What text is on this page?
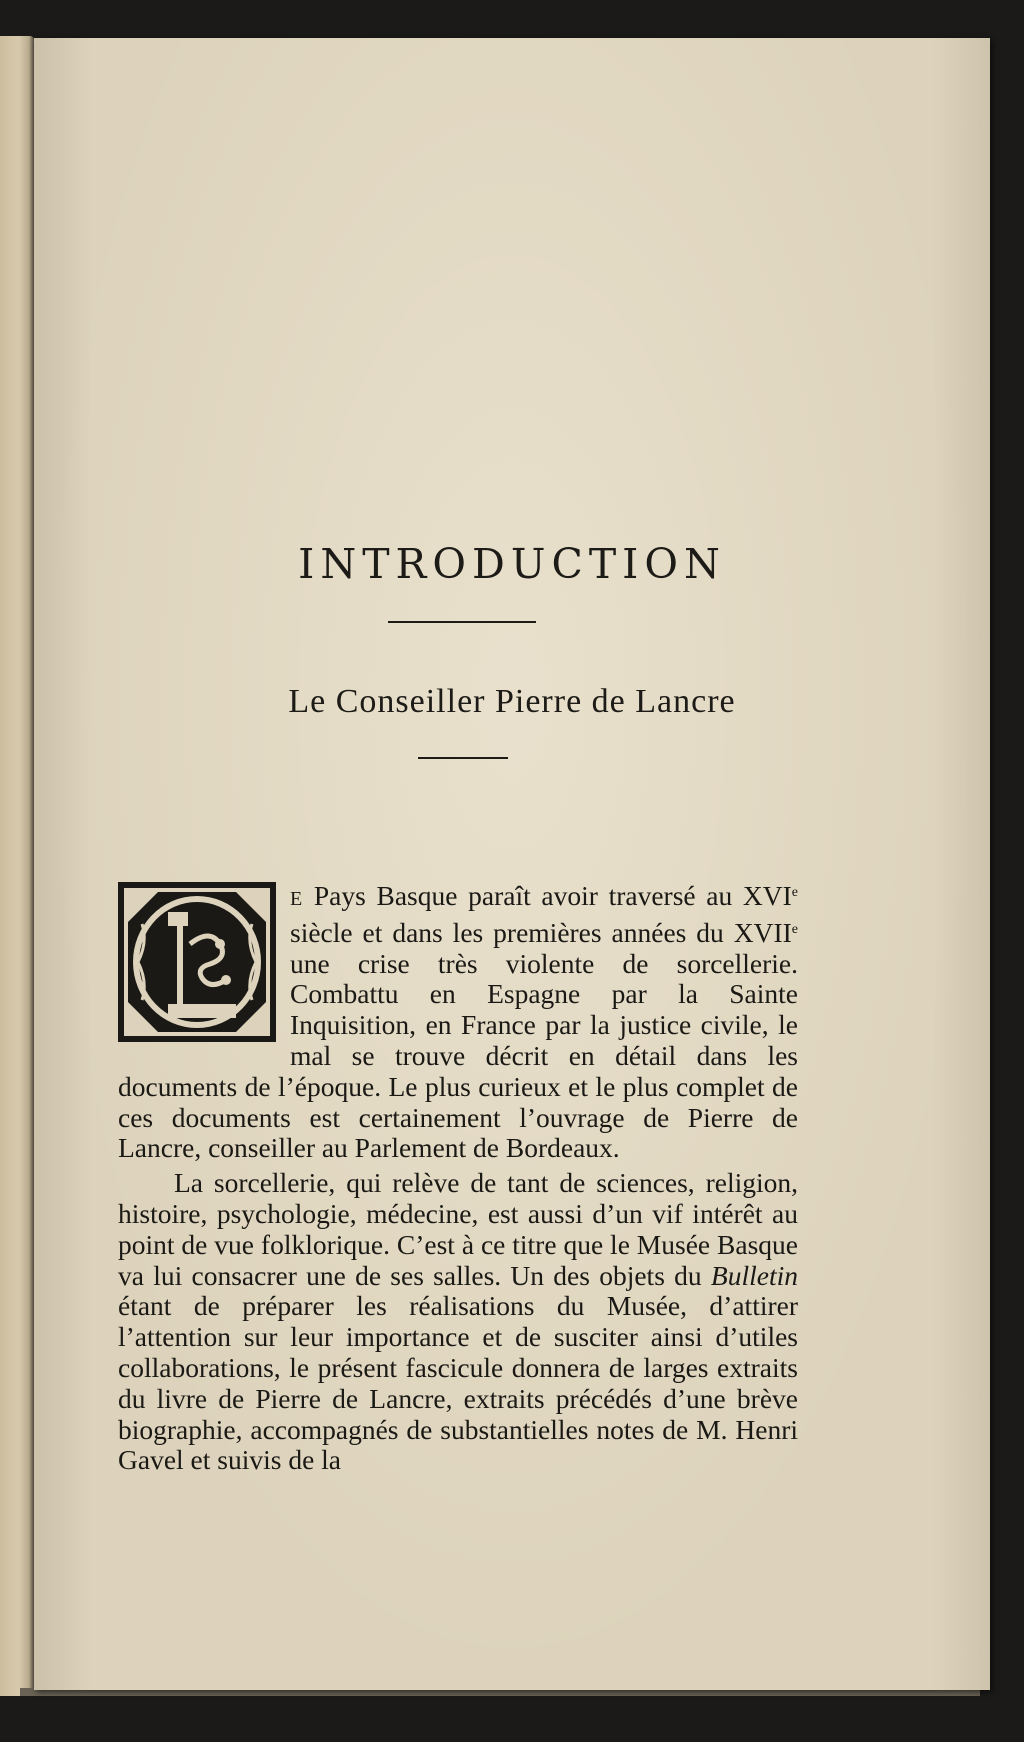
INTRODUCTION
Le Conseiller Pierre de Lancre

E Pays Basque paraît avoir traversé au XVIe siècle et dans les premières années du XVIIe une crise très violente de sorcellerie. Combattu en Espagne par la Sainte Inquisition, en France par la justice civile, le mal se trouve décrit en détail dans les documents de l’époque. Le plus curieux et le plus complet de ces documents est certainement l’ouvrage de Pierre de Lancre, conseiller au Parlement de Bordeaux.

La sorcellerie, qui relève de tant de sciences, religion, histoire, psychologie, médecine, est aussi d’un vif intérêt au point de vue folklorique. C’est à ce titre que le Musée Basque va lui consacrer une de ses salles. Un des objets du Bulletin étant de préparer les réalisations du Musée, d’attirer l’attention sur leur importance et de susciter ainsi d’utiles collaborations, le présent fascicule donnera de larges extraits du livre de Pierre de Lancre, extraits précédés d’une brève biographie, accompagnés de substantielles notes de M. Henri Gavel et suivis de la
